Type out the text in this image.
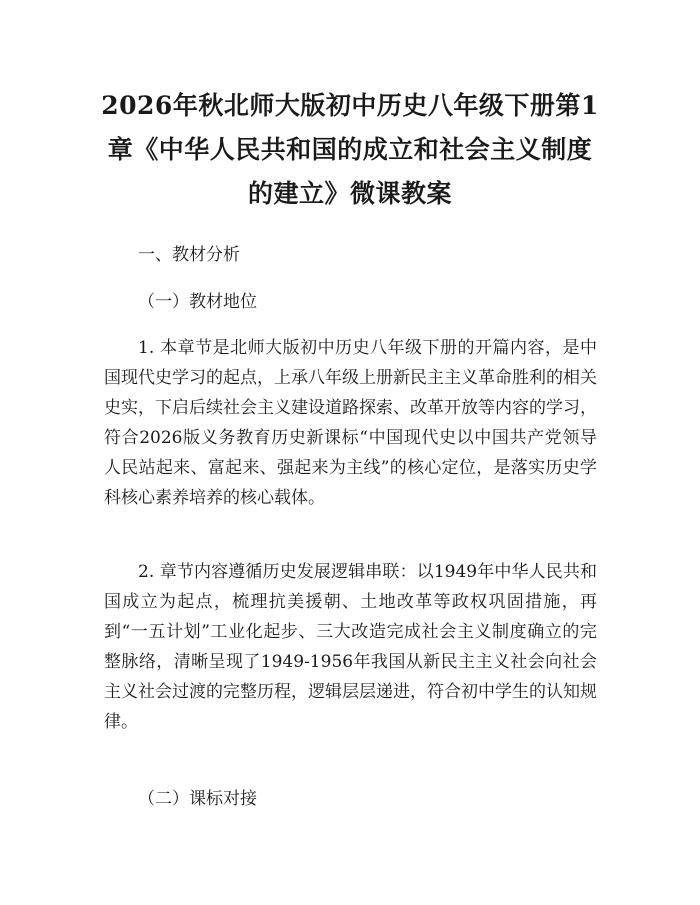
2026年秋北师大版初中历史八年级下册第1章《中华人民共和国的成立和社会主义制度的建立》微课教案

一、教材分析

（一）教材地位

1. 本章节是北师大版初中历史八年级下册的开篇内容，是中国现代史学习的起点，上承八年级上册新民主主义革命胜利的相关史实，下启后续社会主义建设道路探索、改革开放等内容的学习，符合2026版义务教育历史新课标“中国现代史以中国共产党领导人民站起来、富起来、强起来为主线”的核心定位，是落实历史学科核心素养培养的核心载体。

2. 章节内容遵循历史发展逻辑串联：以1949年中华人民共和国成立为起点，梳理抗美援朝、土地改革等政权巩固措施，再到“一五计划”工业化起步、三大改造完成社会主义制度确立的完整脉络，清晰呈现了1949-1956年我国从新民主主义社会向社会主义社会过渡的完整历程，逻辑层层递进，符合初中学生的认知规律。

（二）课标对接
